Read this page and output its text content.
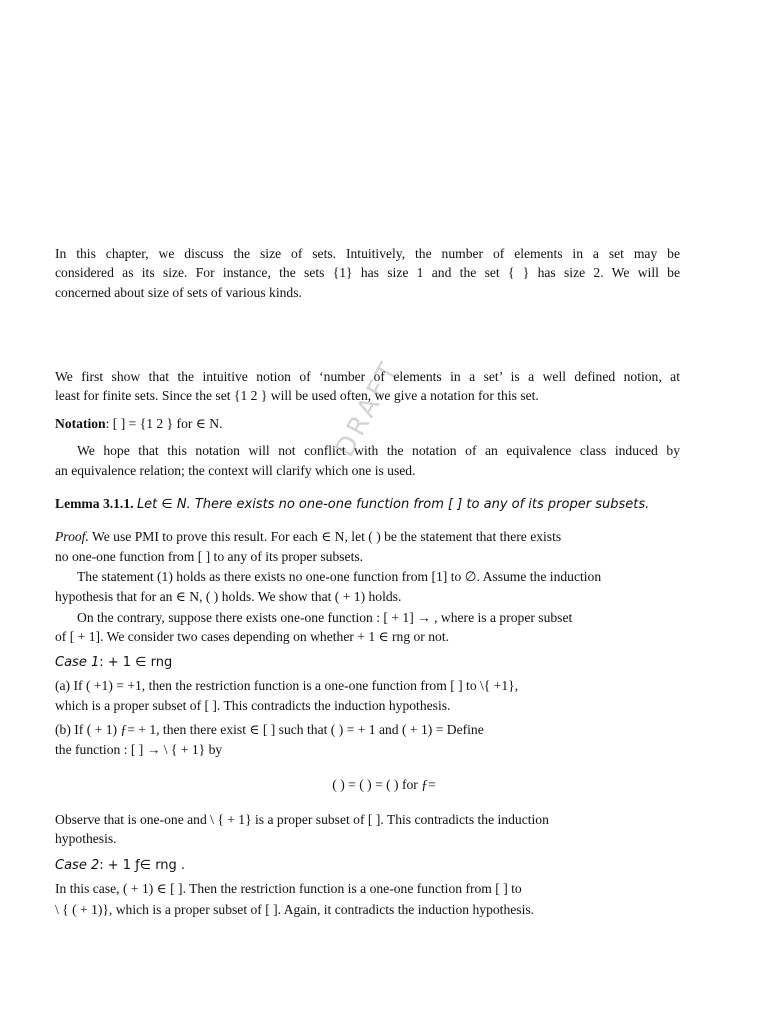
DRAFT

In this chapter, we discuss the size of sets. Intuitively, the number of elements in a set may be

considered as its size. For instance, the sets {1} has size 1 and the set { } has size 2. We will be

concerned about size of sets of various kinds.

We first show that the intuitive notion of ‘number of elements in a set’ is a well defined notion, at

least for finite sets. Since the set {1 2 } will be used often, we give a notation for this set.

Notation: [ ] = {1 2 } for ∈ N.

We hope that this notation will not conflict with the notation of an equivalence class induced by

an equivalence relation; the context will clarify which one is used.

Lemma 3.1.1. Let ∈ N. There exists no one-one function from [ ] to any of its proper subsets.

Proof. We use PMI to prove this result. For each ∈ N, let ( ) be the statement that there exists

no one-one function from [ ] to any of its proper subsets.

The statement (1) holds as there exists no one-one function from [1] to ∅. Assume the induction

hypothesis that for an ∈ N, ( ) holds. We show that ( + 1) holds.

On the contrary, suppose there exists one-one function : [ + 1] → , where is a proper subset

of [ + 1]. We consider two cases depending on whether + 1 ∈ rng or not.

Case 1: + 1 ∈ rng

(a) If ( +1) = +1, then the restriction function is a one-one function from [ ] to \{ +1},

which is a proper subset of [ ]. This contradicts the induction hypothesis.

(b) If ( + 1) ƒ= + 1, then there exist ∈ [ ] such that ( ) = + 1 and ( + 1) = Define

the function : [ ] → \ { + 1} by

( ) = ( ) = ( ) for ƒ=

Observe that is one-one and \ { + 1} is a proper subset of [ ]. This contradicts the induction

hypothesis.

Case 2: + 1 ƒ∈ rng .

In this case, ( + 1) ∈ [ ]. Then the restriction function is a one-one function from [ ] to

\ { ( + 1)}, which is a proper subset of [ ]. Again, it contradicts the induction hypothesis.
